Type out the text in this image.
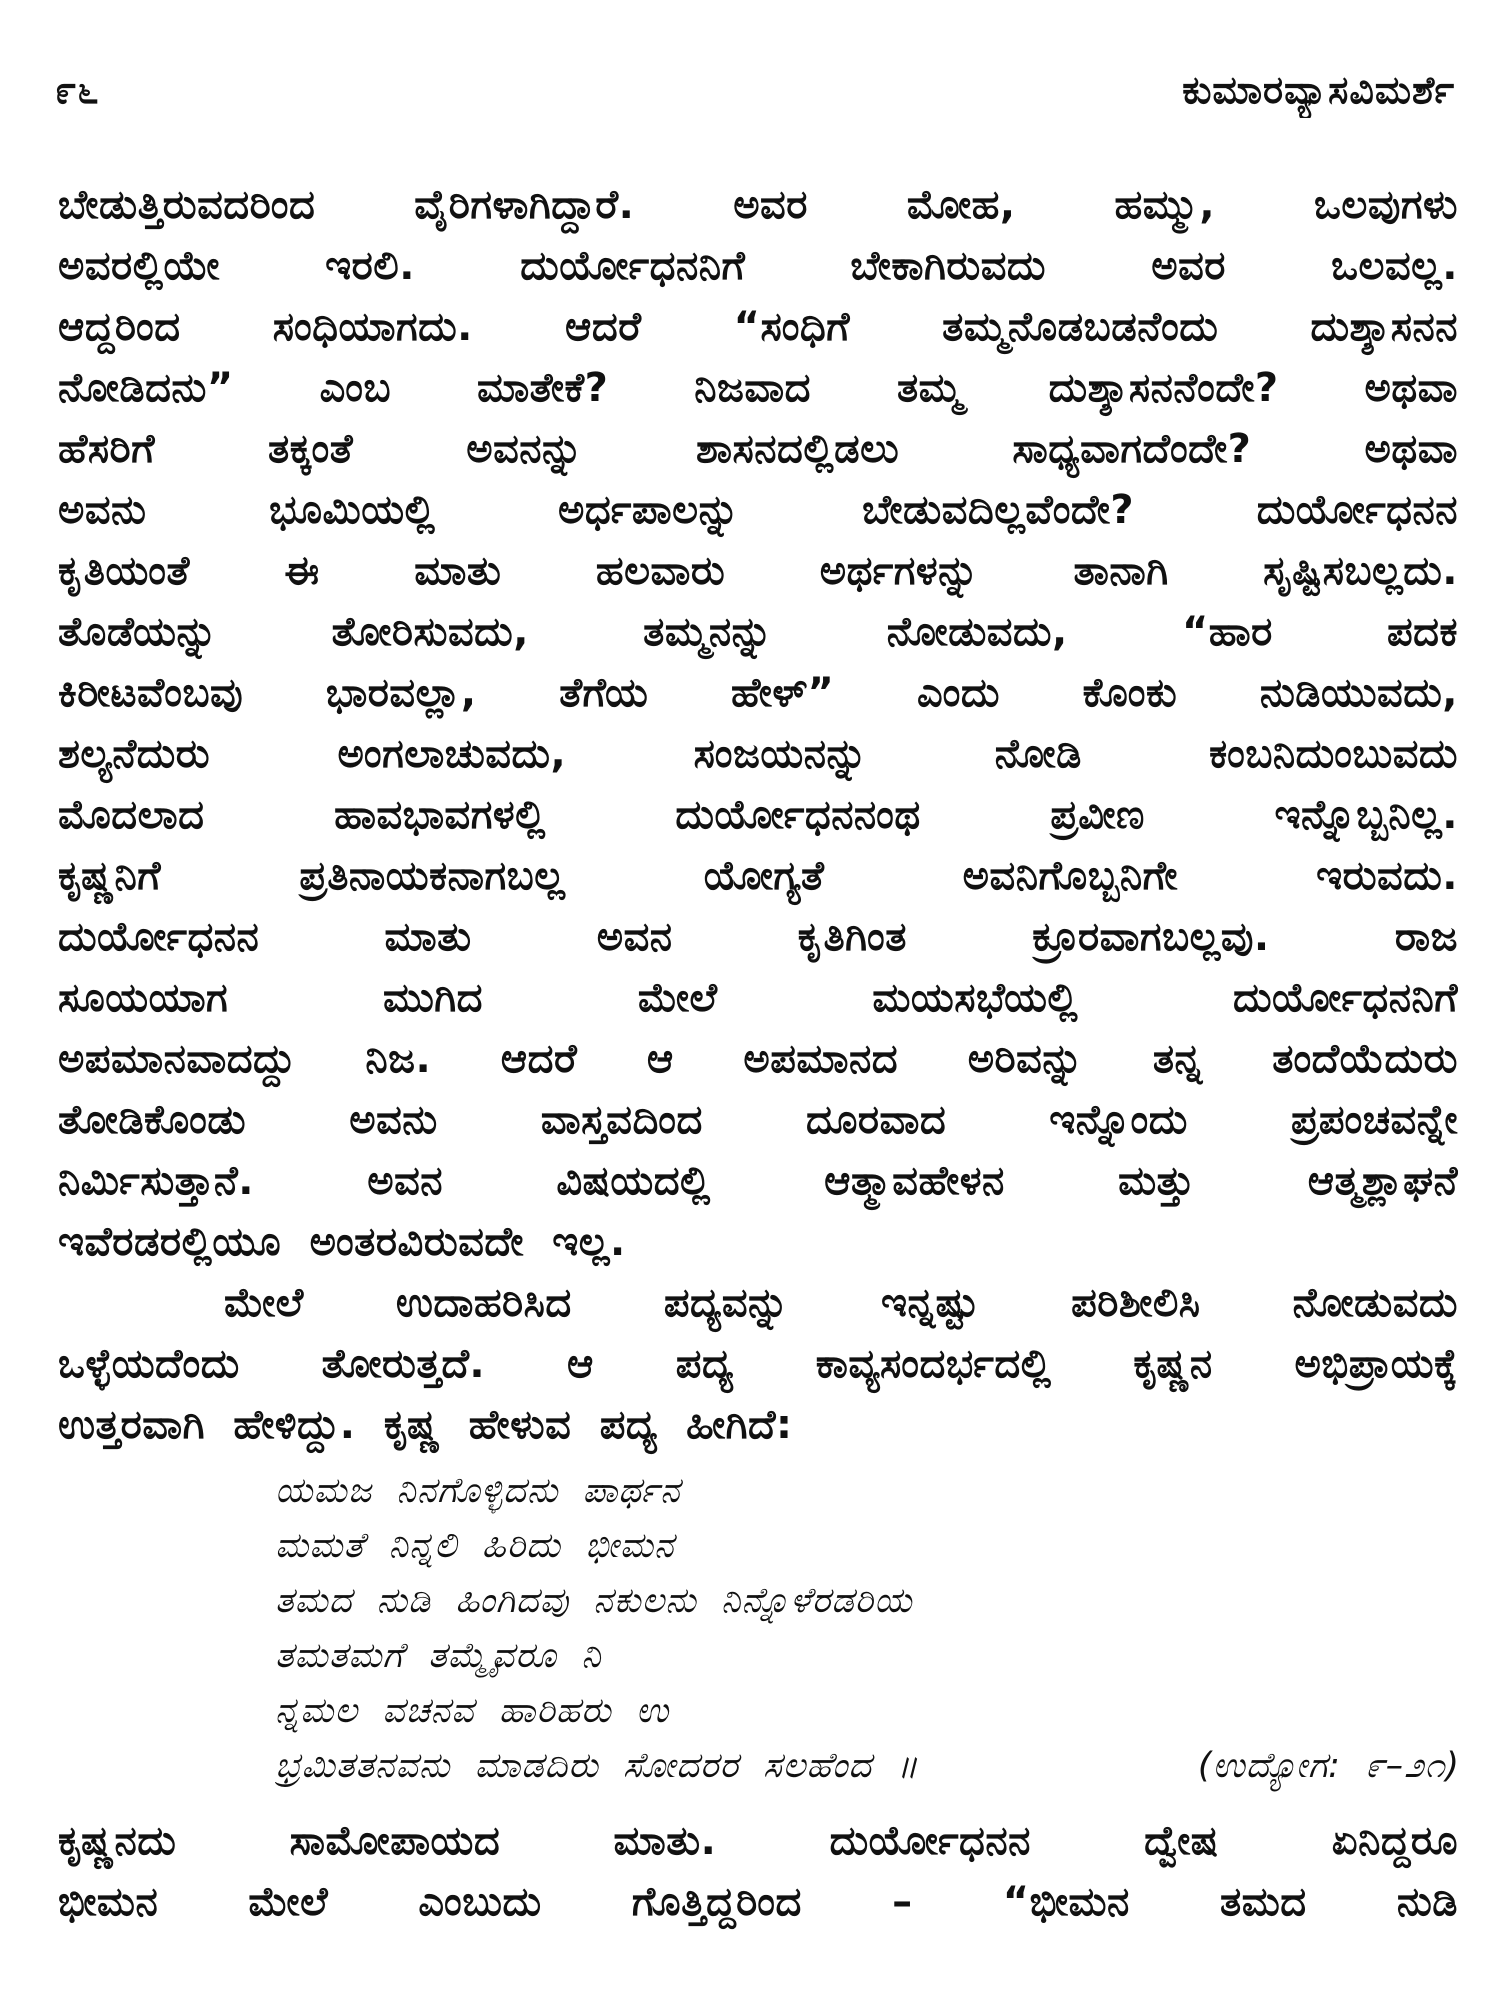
೯೬	ಕುಮಾರವ್ಯಾಸವಿಮರ್ಶೆ
ಬೇಡುತ್ತಿರುವದರಿಂದ ವೈರಿಗಳಾಗಿದ್ದಾರೆ. ಅವರ ಮೋಹ, ಹಮ್ಮು, ಒಲವುಗಳು
ಅವರಲ್ಲಿಯೇ ಇರಲಿ. ದುರ್ಯೋಧನನಿಗೆ ಬೇಕಾಗಿರುವದು ಅವರ ಒಲವಲ್ಲ.
ಆದ್ದರಿಂದ ಸಂಧಿಯಾಗದು. ಆದರೆ “ಸಂಧಿಗೆ ತಮ್ಮನೊಡಬಡನೆಂದು ದುಶ್ಶಾಸನನ
ನೋಡಿದನು” ಎಂಬ ಮಾತೇಕೆ? ನಿಜವಾದ ತಮ್ಮ ದುಶ್ಶಾಸನನೆಂದೇ? ಅಥವಾ
ಹೆಸರಿಗೆ ತಕ್ಕಂತೆ ಅವನನ್ನು ಶಾಸನದಲ್ಲಿಡಲು ಸಾಧ್ಯವಾಗದೆಂದೇ? ಅಥವಾ
ಅವನು ಭೂಮಿಯಲ್ಲಿ ಅರ್ಧಪಾಲನ್ನು ಬೇಡುವದಿಲ್ಲವೆಂದೇ? ದುರ್ಯೋಧನನ
ಕೃತಿಯಂತೆ ಈ ಮಾತು ಹಲವಾರು ಅರ್ಥಗಳನ್ನು ತಾನಾಗಿ ಸೃಷ್ಟಿಸಬಲ್ಲದು.
ತೊಡೆಯನ್ನು ತೋರಿಸುವದು, ತಮ್ಮನನ್ನು ನೋಡುವದು, “ಹಾರ ಪದಕ
ಕಿರೀಟವೆಂಬವು ಭಾರವಲ್ಲಾ, ತೆಗೆಯ ಹೇಳ್” ಎಂದು ಕೊಂಕು ನುಡಿಯುವದು,
ಶಲ್ಯನೆದುರು ಅಂಗಲಾಚುವದು, ಸಂಜಯನನ್ನು ನೋಡಿ ಕಂಬನಿದುಂಬುವದು
ಮೊದಲಾದ ಹಾವಭಾವಗಳಲ್ಲಿ ದುರ್ಯೋಧನನಂಥ ಪ್ರವೀಣ ಇನ್ನೊಬ್ಬನಿಲ್ಲ.
ಕೃಷ್ಣನಿಗೆ ಪ್ರತಿನಾಯಕನಾಗಬಲ್ಲ ಯೋಗ್ಯತೆ ಅವನಿಗೊಬ್ಬನಿಗೇ ಇರುವದು.
ದುರ್ಯೋಧನನ ಮಾತು ಅವನ ಕೃತಿಗಿಂತ ಕ್ರೂರವಾಗಬಲ್ಲವು. ರಾಜ
ಸೂಯಯಾಗ ಮುಗಿದ ಮೇಲೆ ಮಯಸಭೆಯಲ್ಲಿ ದುರ್ಯೋಧನನಿಗೆ
ಅಪಮಾನವಾದದ್ದು ನಿಜ. ಆದರೆ ಆ ಅಪಮಾನದ ಅರಿವನ್ನು ತನ್ನ ತಂದೆಯೆದುರು
ತೋಡಿಕೊಂಡು ಅವನು ವಾಸ್ತವದಿಂದ ದೂರವಾದ ಇನ್ನೊಂದು ಪ್ರಪಂಚವನ್ನೇ
ನಿರ್ಮಿಸುತ್ತಾನೆ. ಅವನ ವಿಷಯದಲ್ಲಿ ಆತ್ಮಾವಹೇಳನ ಮತ್ತು ಆತ್ಮಶ್ಲಾಘನೆ
ಇವೆರಡರಲ್ಲಿಯೂ ಅಂತರವಿರುವದೇ ಇಲ್ಲ.
ಮೇಲೆ ಉದಾಹರಿಸಿದ ಪದ್ಯವನ್ನು ಇನ್ನಷ್ಟು ಪರಿಶೀಲಿಸಿ ನೋಡುವದು
ಒಳ್ಳೆಯದೆಂದು ತೋರುತ್ತದೆ. ಆ ಪದ್ಯ ಕಾವ್ಯಸಂದರ್ಭದಲ್ಲಿ ಕೃಷ್ಣನ ಅಭಿಪ್ರಾಯಕ್ಕೆ
ಉತ್ತರವಾಗಿ ಹೇಳಿದ್ದು. ಕೃಷ್ಣ ಹೇಳುವ ಪದ್ಯ ಹೀಗಿದೆ:
ಯಮಜ ನಿನಗೊಳ್ಳಿದನು ಪಾರ್ಥನ
ಮಮತೆ ನಿನ್ನಲಿ ಹಿರಿದು ಭೀಮನ
ತಮದ ನುಡಿ ಹಿಂಗಿದವು ನಕುಲನು ನಿನ್ನೊಳೆರಡರಿಯ
ತಮತಮಗೆ ತಮ್ಮೈವರೂ ನಿ
ನ್ನಮಲ ವಚನವ ಹಾರಿಹರು ಉ
ಭ್ರಮಿತತನವನು ಮಾಡದಿರು ಸೋದರರ ಸಲಹೆಂದ ॥	(ಉದ್ಯೋಗ: ೯–೨೧)
ಕೃಷ್ಣನದು ಸಾಮೋಪಾಯದ ಮಾತು. ದುರ್ಯೋಧನನ ದ್ವೇಷ ಏನಿದ್ದರೂ
ಭೀಮನ ಮೇಲೆ ಎಂಬುದು ಗೊತ್ತಿದ್ದರಿಂದ – “ಭೀಮನ ತಮದ ನುಡಿ
